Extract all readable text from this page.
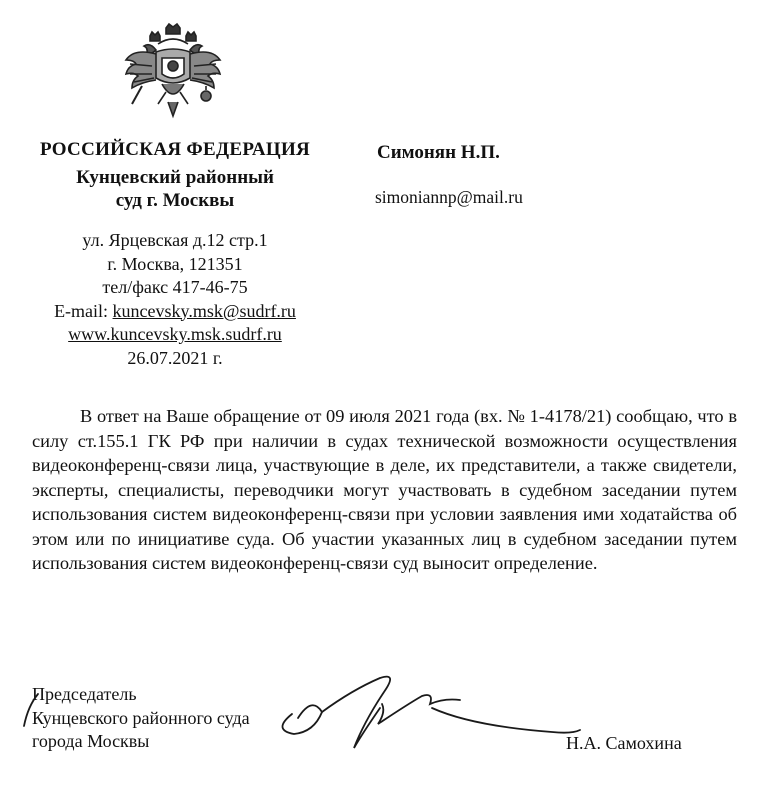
РОССИЙСКАЯ ФЕДЕРАЦИЯ
Кунцевский районный
суд г. Москвы
ул. Ярцевская д.12 стр.1
г. Москва, 121351
тел/факс 417-46-75
E-mail: kuncevsky.msk@sudrf.ru
www.kuncevsky.msk.sudrf.ru
26.07.2021 г.
Симонян Н.П.
simoniannp@mail.ru
В ответ на Ваше обращение от 09 июля 2021 года (вх. № 1-4178/21) сообщаю, что в силу ст.155.1 ГК РФ при наличии в судах технической возможности осуществления видеоконференц-связи лица, участвующие в деле, их представители, а также свидетели, эксперты, специалисты, переводчики могут участвовать в судебном заседании путем использования систем видеоконференц-связи при условии заявления ими ходатайства об этом или по инициативе суда. Об участии указанных лиц в судебном заседании путем использования систем видеоконференц-связи суд выносит определение.
Председатель
Кунцевского районного суда
города Москвы	Н.А. Самохина
